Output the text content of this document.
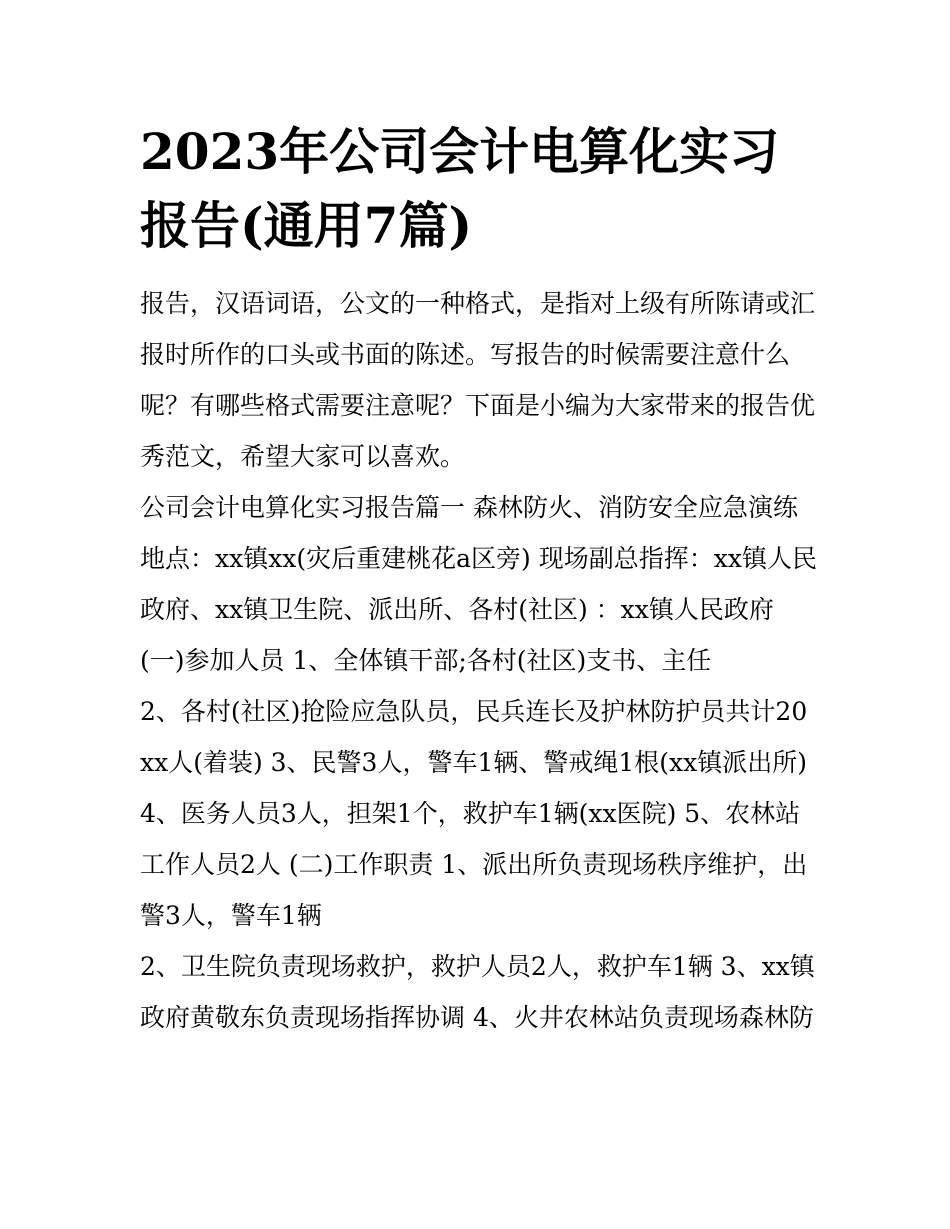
2023年公司会计电算化实习报告(通用7篇)

报告，汉语词语，公文的一种格式，是指对上级有所陈请或汇报时所作的口头或书面的陈述。写报告的时候需要注意什么呢？有哪些格式需要注意呢？下面是小编为大家带来的报告优秀范文，希望大家可以喜欢。

公司会计电算化实习报告篇一 森林防火、消防安全应急演练地点：xx镇xx(灾后重建桃花a区旁) 现场副总指挥：xx镇人民政府、xx镇卫生院、派出所、各村(社区) ：xx镇人民政府 (一)参加人员 1、全体镇干部;各村(社区)支书、主任

2、各村(社区)抢险应急队员，民兵连长及护林防护员共计20xx人(着装) 3、民警3人，警车1辆、警戒绳1根(xx镇派出所)

4、医务人员3人，担架1个，救护车1辆(xx医院) 5、农林站工作人员2人 (二)工作职责 1、派出所负责现场秩序维护，出警3人，警车1辆

2、卫生院负责现场救护，救护人员2人，救护车1辆 3、xx镇政府黄敬东负责现场指挥协调 4、火井农林站负责现场森林防
